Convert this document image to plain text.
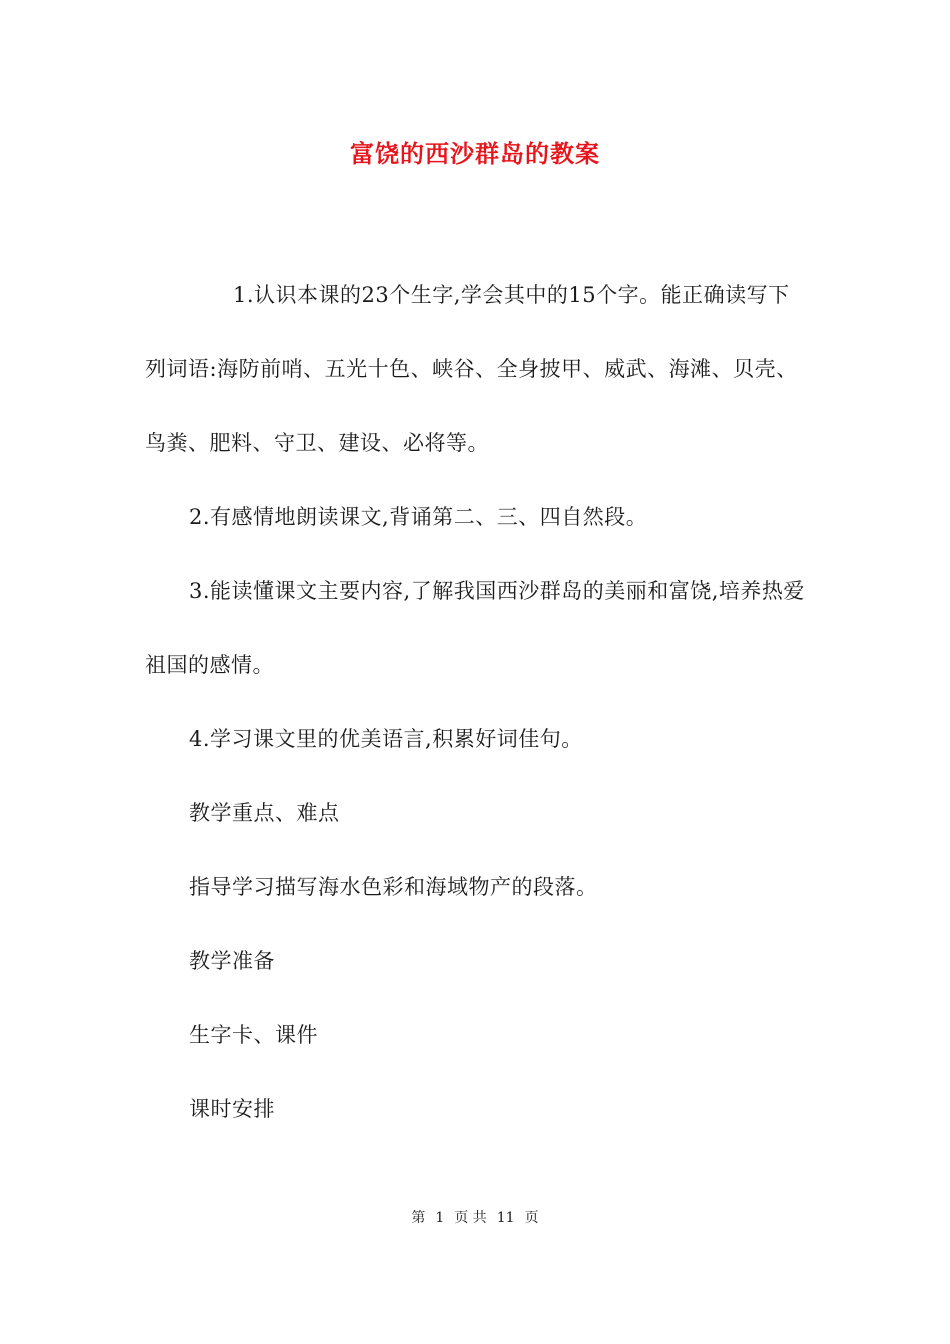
富饶的西沙群岛的教案

1.认识本课的23个生字,学会其中的15个字。能正确读写下列词语:海防前哨、五光十色、峡谷、全身披甲、威武、海滩、贝壳、鸟粪、肥料、守卫、建设、必将等。

2.有感情地朗读课文,背诵第二、三、四自然段。

3.能读懂课文主要内容,了解我国西沙群岛的美丽和富饶,培养热爱祖国的感情。

4.学习课文里的优美语言,积累好词佳句。

教学重点、难点

指导学习描写海水色彩和海域物产的段落。

教学准备

生字卡、课件

课时安排

第 1 页 共 11 页
